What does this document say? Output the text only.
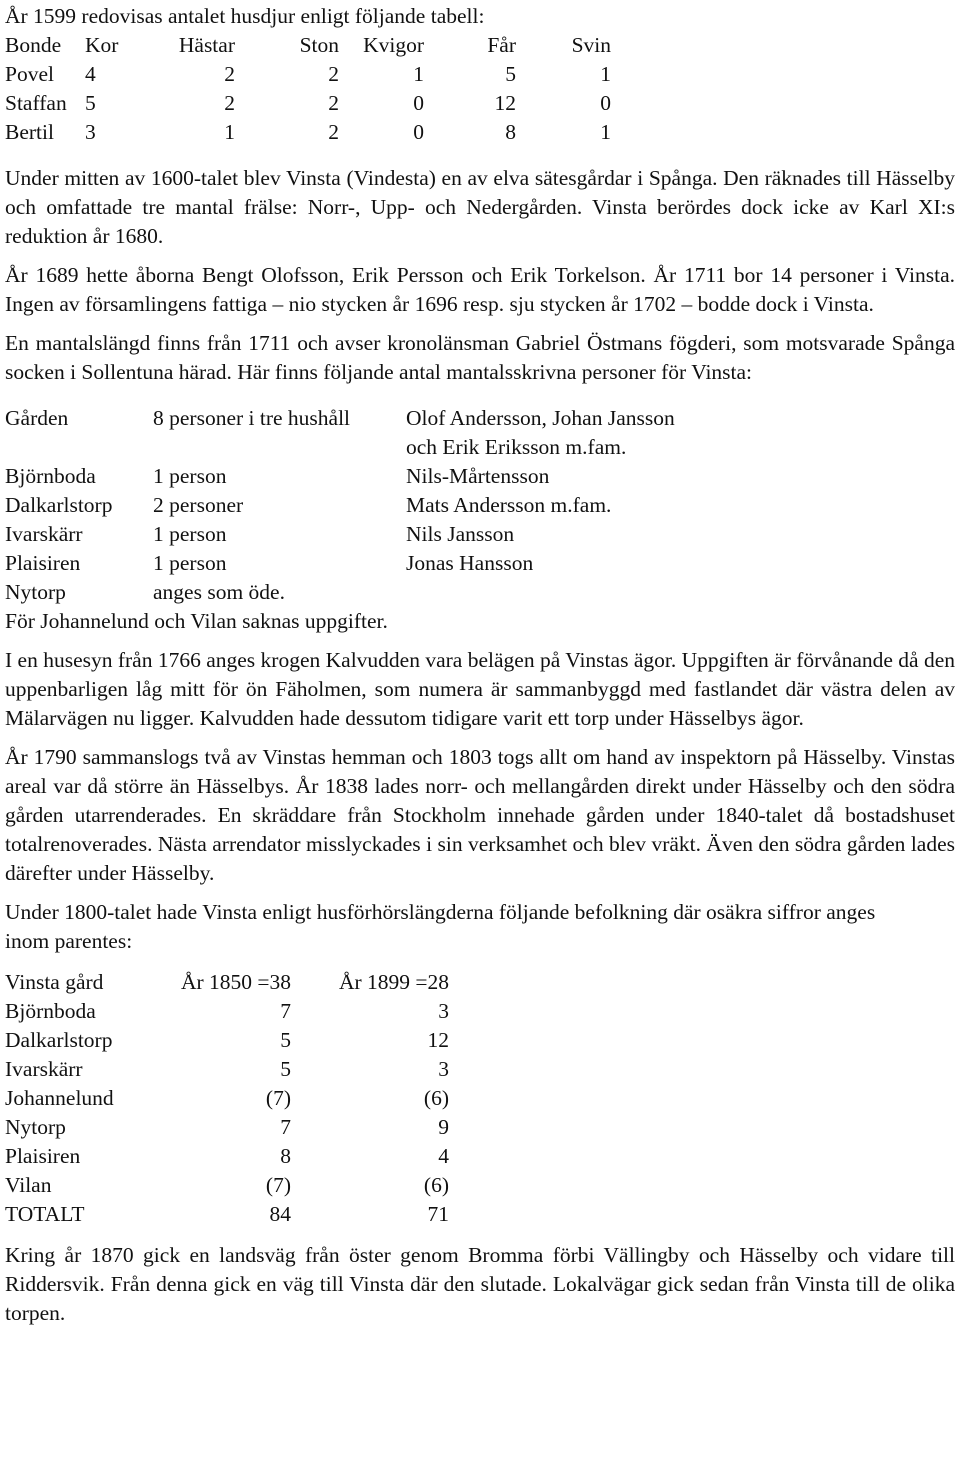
År 1599 redovisas antalet husdjur enligt följande tabell:

Bonde	Kor	Hästar	Ston	Kvigor	Får	Svin
Povel	4	2	2	1	5	1
Staffan	5	2	2	0	12	0
Bertil	3	1	2	0	8	1

Under mitten av 1600-talet blev Vinsta (Vindesta) en av elva sätesgårdar i Spånga. Den räknades till Hässelby och omfattade tre mantal frälse: Norr-, Upp- och Nedergården. Vinsta berördes dock icke av Karl XI:s reduktion år 1680.

År 1689 hette åborna Bengt Olofsson, Erik Persson och Erik Torkelson. År 1711 bor 14 personer i Vinsta. Ingen av församlingens fattiga – nio stycken år 1696 resp. sju stycken år 1702 – bodde dock i Vinsta.

En mantalslängd finns från 1711 och avser kronolänsman Gabriel Östmans fögderi, som motsvarade Spånga socken i Sollentuna härad. Här finns följande antal mantalsskrivna personer för Vinsta:

Gården	8 personer i tre hushåll	Olof Andersson, Johan Jansson
		och Erik Eriksson m.fam.
Björnboda	1 person	Nils-Mårtensson
Dalkarlstorp	2 personer	Mats Andersson m.fam.
Ivarskärr	1 person	Nils Jansson
Plaisiren	1 person	Jonas Hansson
Nytorp	anges som öde.	

För Johannelund och Vilan saknas uppgifter.

I en husesyn från 1766 anges krogen Kalvudden vara belägen på Vinstas ägor. Uppgiften är förvånande då den uppenbarligen låg mitt för ön Fäholmen, som numera är sammanbyggd med fastlandet där västra delen av Mälarvägen nu ligger. Kalvudden hade dessutom tidigare varit ett torp under Hässelbys ägor.

År 1790 sammanslogs två av Vinstas hemman och 1803 togs allt om hand av inspektorn på Hässelby. Vinstas areal var då större än Hässelbys. År 1838 lades norr- och mellangården direkt under Hässelby och den södra gården utarrenderades. En skräddare från Stockholm innehade gården under 1840-talet då bostadshuset totalrenoverades. Nästa arrendator misslyckades i sin verksamhet och blev vräkt. Även den södra gården lades därefter under Hässelby.

Under 1800-talet hade Vinsta enligt husförhörslängderna följande befolkning där osäkra siffror anges inom parentes:

Vinsta gård	År 1850 =38	År 1899 =28
Björnboda	7	3
Dalkarlstorp	5	12
Ivarskärr	5	3
Johannelund	(7)	(6)
Nytorp	7	9
Plaisiren	8	4
Vilan	(7)	(6)
TOTALT	84	71

Kring år 1870 gick en landsväg från öster genom Bromma förbi Vällingby och Hässelby och vidare till Riddersvik. Från denna gick en väg till Vinsta där den slutade. Lokalvägar gick sedan från Vinsta till de olika torpen.
